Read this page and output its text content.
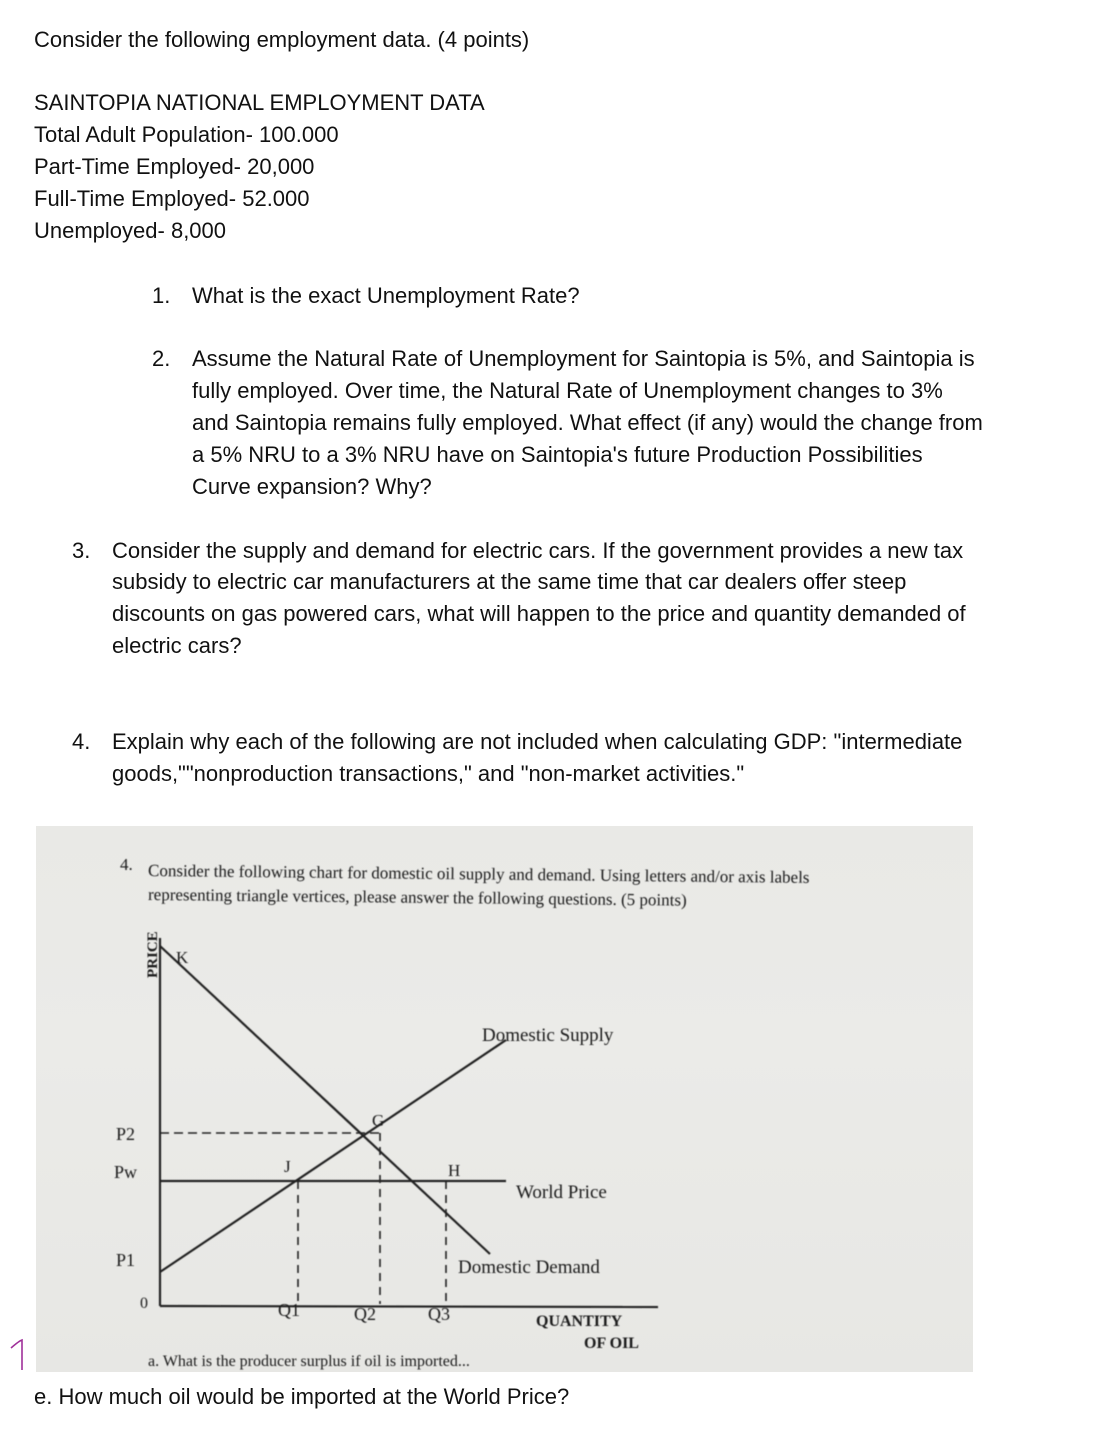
Consider the following employment data. (4 points)
SAINTOPIA NATIONAL EMPLOYMENT DATA
Total Adult Population- 100.000
Part-Time Employed- 20,000
Full-Time Employed- 52.000
Unemployed- 8,000
1. What is the exact Unemployment Rate?
2. Assume the Natural Rate of Unemployment for Saintopia is 5%, and Saintopia is
fully employed. Over time, the Natural Rate of Unemployment changes to 3%
and Saintopia remains fully employed. What effect (if any) would the change from
a 5% NRU to a 3% NRU have on Saintopia's future Production Possibilities
Curve expansion? Why?
3. Consider the supply and demand for electric cars. If the government provides a new tax
subsidy to electric car manufacturers at the same time that car dealers offer steep
discounts on gas powered cars, what will happen to the price and quantity demanded of
electric cars?
4. Explain why each of the following are not included when calculating GDP: "intermediate
goods,""nonproduction transactions," and "non-market activities."
4. Consider the following chart for domestic oil supply and demand. Using letters and/or axis labels
representing triangle vertices, please answer the following questions. (5 points)
PRICE K
G
J	H
P2
Pw
P1
0	Q1	Q2	Q3
Domestic Supply
Domestic Demand
World Price
QUANTITY
OF OIL
a. What is the producer surplus if oil is imported...
1
e. How much oil would be imported at the World Price?
